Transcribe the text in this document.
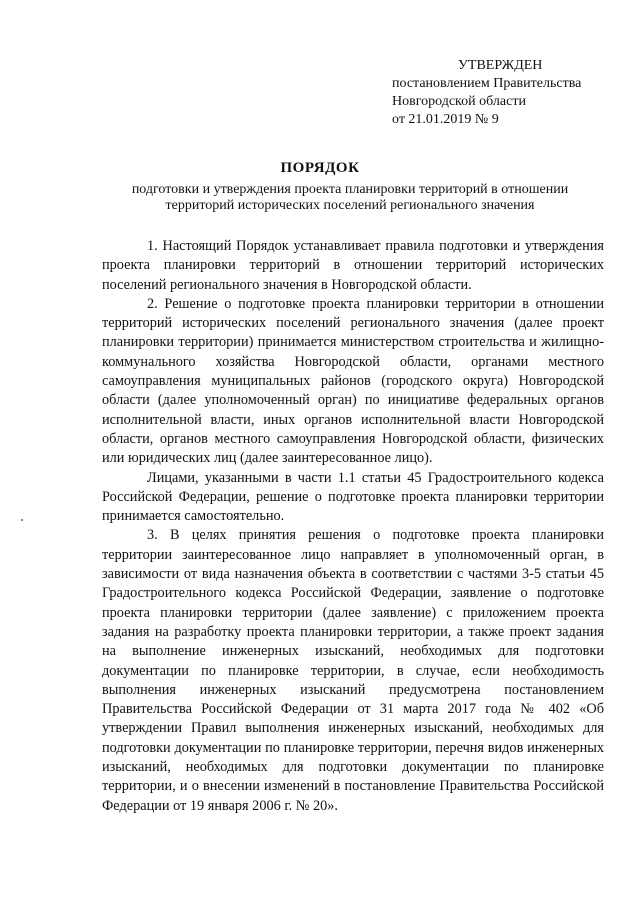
УТВЕРЖДЕН
постановлением Правительства
Новгородской области
от 21.01.2019 № 9
ПОРЯДОК
подготовки и утверждения проекта планировки территорий в отношении территорий исторических поселений регионального значения

1. Настоящий Порядок устанавливает правила подготовки и утверждения проекта планировки территорий в отношении территорий исторических поселений регионального значения в Новгородской области.

2. Решение о подготовке проекта планировки территории в отношении территорий исторических поселений регионального значения (далее проект планировки территории) принимается министерством строительства и жилищно-коммунального хозяйства Новгородской области, органами местного самоуправления муниципальных районов (городского округа) Новгородской области (далее уполномоченный орган) по инициативе федеральных органов исполнительной власти, иных органов исполнительной власти Новгородской области, органов местного самоуправления Новгородской области, физических или юридических лиц (далее заинтересованное лицо).

Лицами, указанными в части 1.1 статьи 45 Градостроительного кодекса Российской Федерации, решение о подготовке проекта планировки территории принимается самостоятельно.

3. В целях принятия решения о подготовке проекта планировки территории заинтересованное лицо направляет в уполномоченный орган, в зависимости от вида назначения объекта в соответствии с частями 3-5 статьи 45 Градостроительного кодекса Российской Федерации, заявление о подготовке проекта планировки территории (далее заявление) с приложением проекта задания на разработку проекта планировки территории, а также проект задания на выполнение инженерных изысканий, необходимых для подготовки документации по планировке территории, в случае, если необходимость выполнения инженерных изысканий предусмотрена постановлением Правительства Российской Федерации от 31 марта 2017 года № 402 «Об утверждении Правил выполнения инженерных изысканий, необходимых для подготовки документации по планировке территории, перечня видов инженерных изысканий, необходимых для подготовки документации по планировке территории, и о внесении изменений в постановление Правительства Российской Федерации от 19 января 2006 г. № 20».
